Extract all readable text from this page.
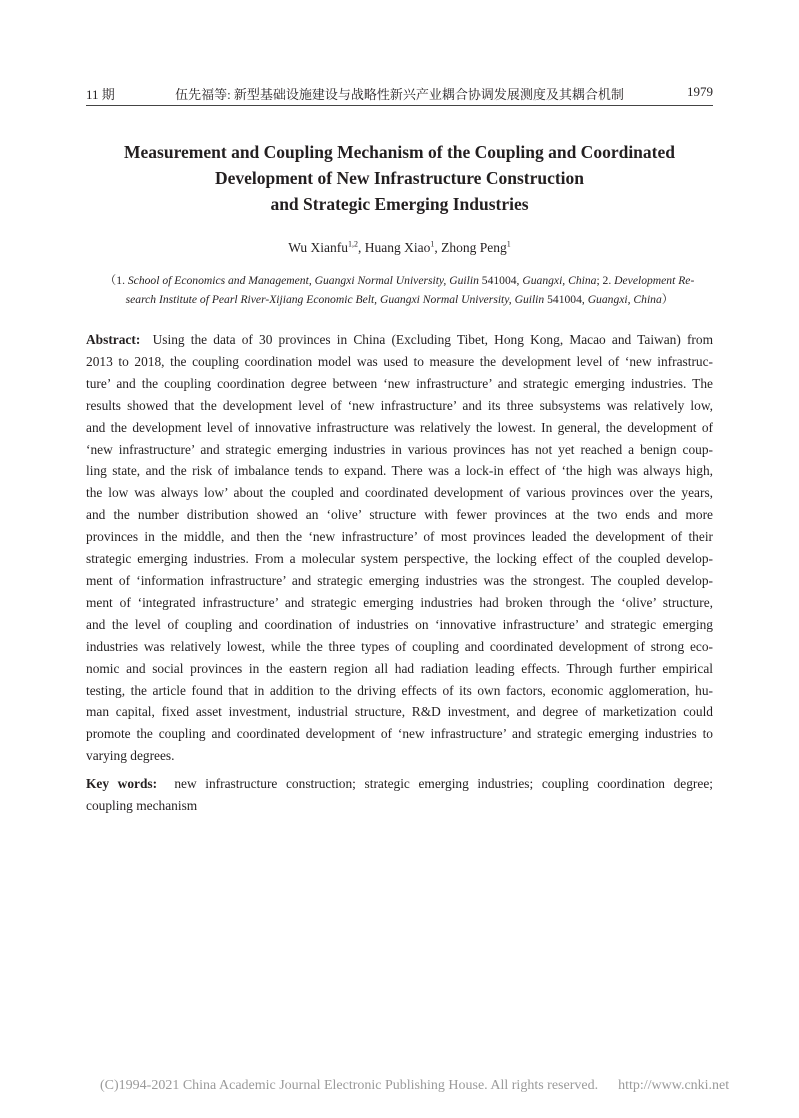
11 期	伍先福等: 新型基础设施建设与战略性新兴产业耦合协调发展测度及其耦合机制	1979
Measurement and Coupling Mechanism of the Coupling and Coordinated
Development of New Infrastructure Construction
and Strategic Emerging Industries
Wu Xianfu$^{1,2}$, Huang Xiao$^1$, Zhong Peng$^1$
（1. School of Economics and Management, Guangxi Normal University, Guilin 541004, Guangxi, China; 2. Development Re-
search Institute of Pearl River-Xijiang Economic Belt, Guangxi Normal University, Guilin 541004, Guangxi, China）
Abstract: Using the data of 30 provinces in China (Excluding Tibet, Hong Kong, Macao and Taiwan) from
2013 to 2018, the coupling coordination model was used to measure the development level of ‘new infrastruc-
ture’ and the coupling coordination degree between ‘new infrastructure’ and strategic emerging industries. The
results showed that the development level of ‘new infrastructure’ and its three subsystems was relatively low,
and the development level of innovative infrastructure was relatively the lowest. In general, the development of
‘new infrastructure’ and strategic emerging industries in various provinces has not yet reached a benign coup-
ling state, and the risk of imbalance tends to expand. There was a lock-in effect of ‘the high was always high,
the low was always low’ about the coupled and coordinated development of various provinces over the years,
and the number distribution showed an ‘olive’ structure with fewer provinces at the two ends and more
provinces in the middle, and then the ‘new infrastructure’ of most provinces leaded the development of their
strategic emerging industries. From a molecular system perspective, the locking effect of the coupled develop-
ment of ‘information infrastructure’ and strategic emerging industries was the strongest. The coupled develop-
ment of ‘integrated infrastructure’ and strategic emerging industries had broken through the ‘olive’ structure,
and the level of coupling and coordination of industries on ‘innovative infrastructure’ and strategic emerging
industries was relatively lowest, while the three types of coupling and coordinated development of strong eco-
nomic and social provinces in the eastern region all had radiation leading effects. Through further empirical
testing, the article found that in addition to the driving effects of its own factors, economic agglomeration, hu-
man capital, fixed asset investment, industrial structure, R&D investment, and degree of marketization could
promote the coupling and coordinated development of ‘new infrastructure’ and strategic emerging industries to
varying degrees.
Key words: new infrastructure construction; strategic emerging industries; coupling coordination degree;
coupling mechanism
(C)1994-2021 China Academic Journal Electronic Publishing House. All rights reserved. http://www.cnki.net
